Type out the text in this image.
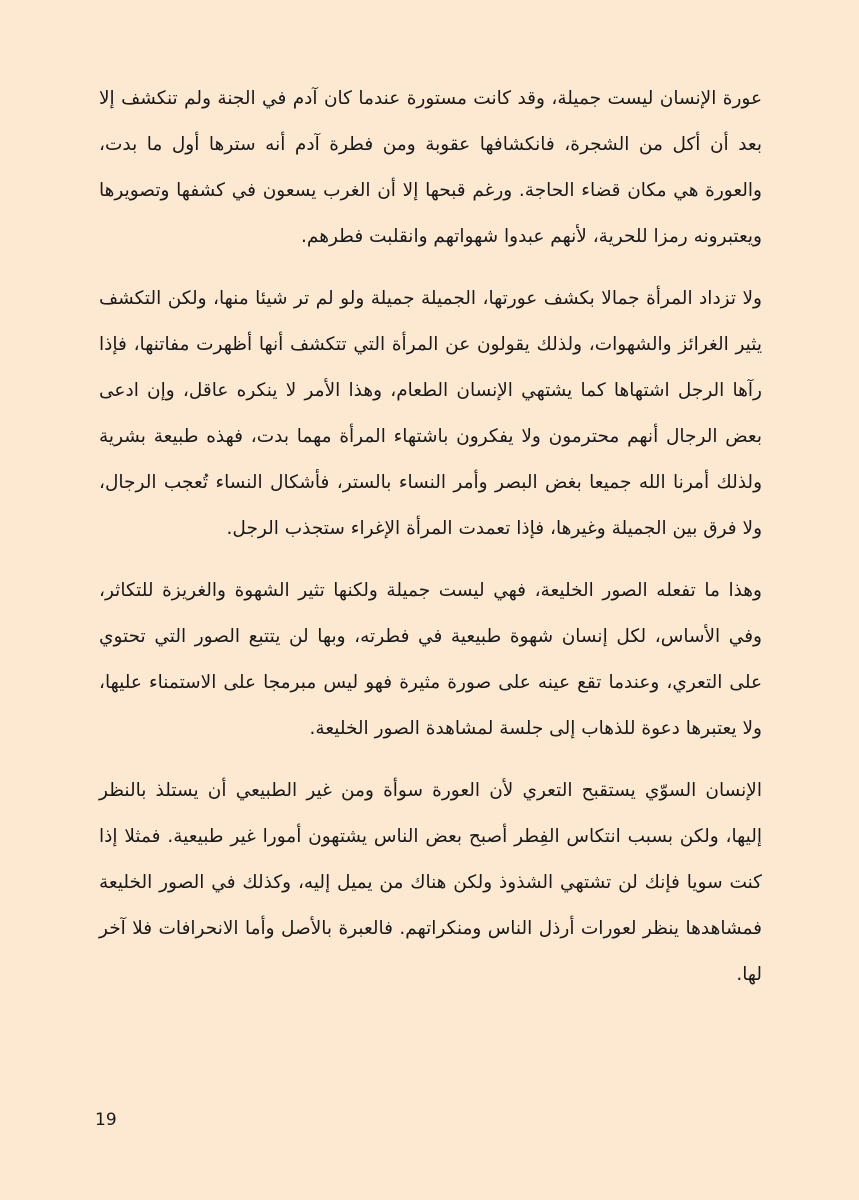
عورة الإنسان ليست جميلة، وقد كانت مستورة عندما كان آدم في الجنة ولم تنكشف إلا بعد أن أكل من الشجرة، فانكشافها عقوبة ومن فطرة آدم أنه سترها أول ما بدت، والعورة هي مكان قضاء الحاجة. ورغم قبحها إلا أن الغرب يسعون في كشفها وتصويرها ويعتبرونه رمزا للحرية، لأنهم عبدوا شهواتهم وانقلبت فطرهم.

ولا تزداد المرأة جمالا بكشف عورتها، الجميلة جميلة ولو لم تر شيئا منها، ولكن التكشف يثير الغرائز والشهوات، ولذلك يقولون عن المرأة التي تتكشف أنها أظهرت مفاتنها، فإذا رآها الرجل اشتهاها كما يشتهي الإنسان الطعام، وهذا الأمر لا ينكره عاقل، وإن ادعى بعض الرجال أنهم محترمون ولا يفكرون باشتهاء المرأة مهما بدت، فهذه طبيعة بشرية ولذلك أمرنا الله جميعا بغض البصر وأمر النساء بالستر، فأشكال النساء تُعجب الرجال، ولا فرق بين الجميلة وغيرها، فإذا تعمدت المرأة الإغراء ستجذب الرجل.

وهذا ما تفعله الصور الخليعة، فهي ليست جميلة ولكنها تثير الشهوة والغريزة للتكاثر، وفي الأساس، لكل إنسان شهوة طبيعية في فطرته، وبها لن يتتبع الصور التي تحتوي على التعري، وعندما تقع عينه على صورة مثيرة فهو ليس مبرمجا على الاستمناء عليها، ولا يعتبرها دعوة للذهاب إلى جلسة لمشاهدة الصور الخليعة.

الإنسان السوّي يستقبح التعري لأن العورة سوأة ومن غير الطبيعي أن يستلذ بالنظر إليها، ولكن بسبب انتكاس الفِطر أصبح بعض الناس يشتهون أمورا غير طبيعية. فمثلا إذا كنت سويا فإنك لن تشتهي الشذوذ ولكن هناك من يميل إليه، وكذلك في الصور الخليعة فمشاهدها ينظر لعورات أرذل الناس ومنكراتهم. فالعبرة بالأصل وأما الانحرافات فلا آخر لها.

19
